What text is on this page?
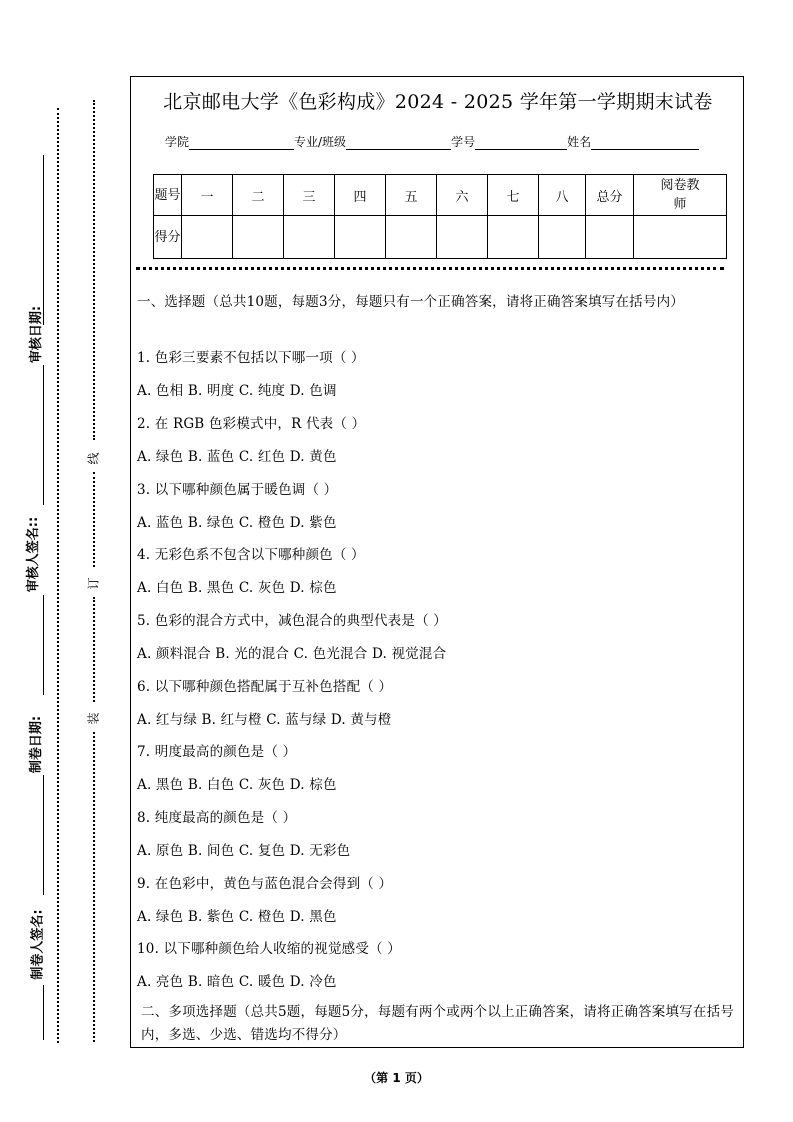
审核日期:
审核人签名::
制卷日期:
制卷人签名:
线
订
装
北京邮电大学《色彩构成》2024 - 2025 学年第一学期期末试卷
学院	专业/班级	学号	姓名
题号	一	二	三	四	五	六	七	八	总分	阅卷教师
得分										
一、选择题（总共10题，每题3分，每题只有一个正确答案，请将正确答案填写在括号内）
1. 色彩三要素不包括以下哪一项（ ）
A. 色相 B. 明度 C. 纯度 D. 色调
2. 在 RGB 色彩模式中，R 代表（ ）
A. 绿色 B. 蓝色 C. 红色 D. 黄色
3. 以下哪种颜色属于暖色调（ ）
A. 蓝色 B. 绿色 C. 橙色 D. 紫色
4. 无彩色系不包含以下哪种颜色（ ）
A. 白色 B. 黑色 C. 灰色 D. 棕色
5. 色彩的混合方式中，减色混合的典型代表是（ ）
A. 颜料混合 B. 光的混合 C. 色光混合 D. 视觉混合
6. 以下哪种颜色搭配属于互补色搭配（ ）
A. 红与绿 B. 红与橙 C. 蓝与绿 D. 黄与橙
7. 明度最高的颜色是（ ）
A. 黑色 B. 白色 C. 灰色 D. 棕色
8. 纯度最高的颜色是（ ）
A. 原色 B. 间色 C. 复色 D. 无彩色
9. 在色彩中，黄色与蓝色混合会得到（ ）
A. 绿色 B. 紫色 C. 橙色 D. 黑色
10. 以下哪种颜色给人收缩的视觉感受（ ）
A. 亮色 B. 暗色 C. 暖色 D. 冷色
二、多项选择题（总共5题，每题5分，每题有两个或两个以上正确答案，请将正确答案填写在括号内，多选、少选、错选均不得分）
（第 1 页）
